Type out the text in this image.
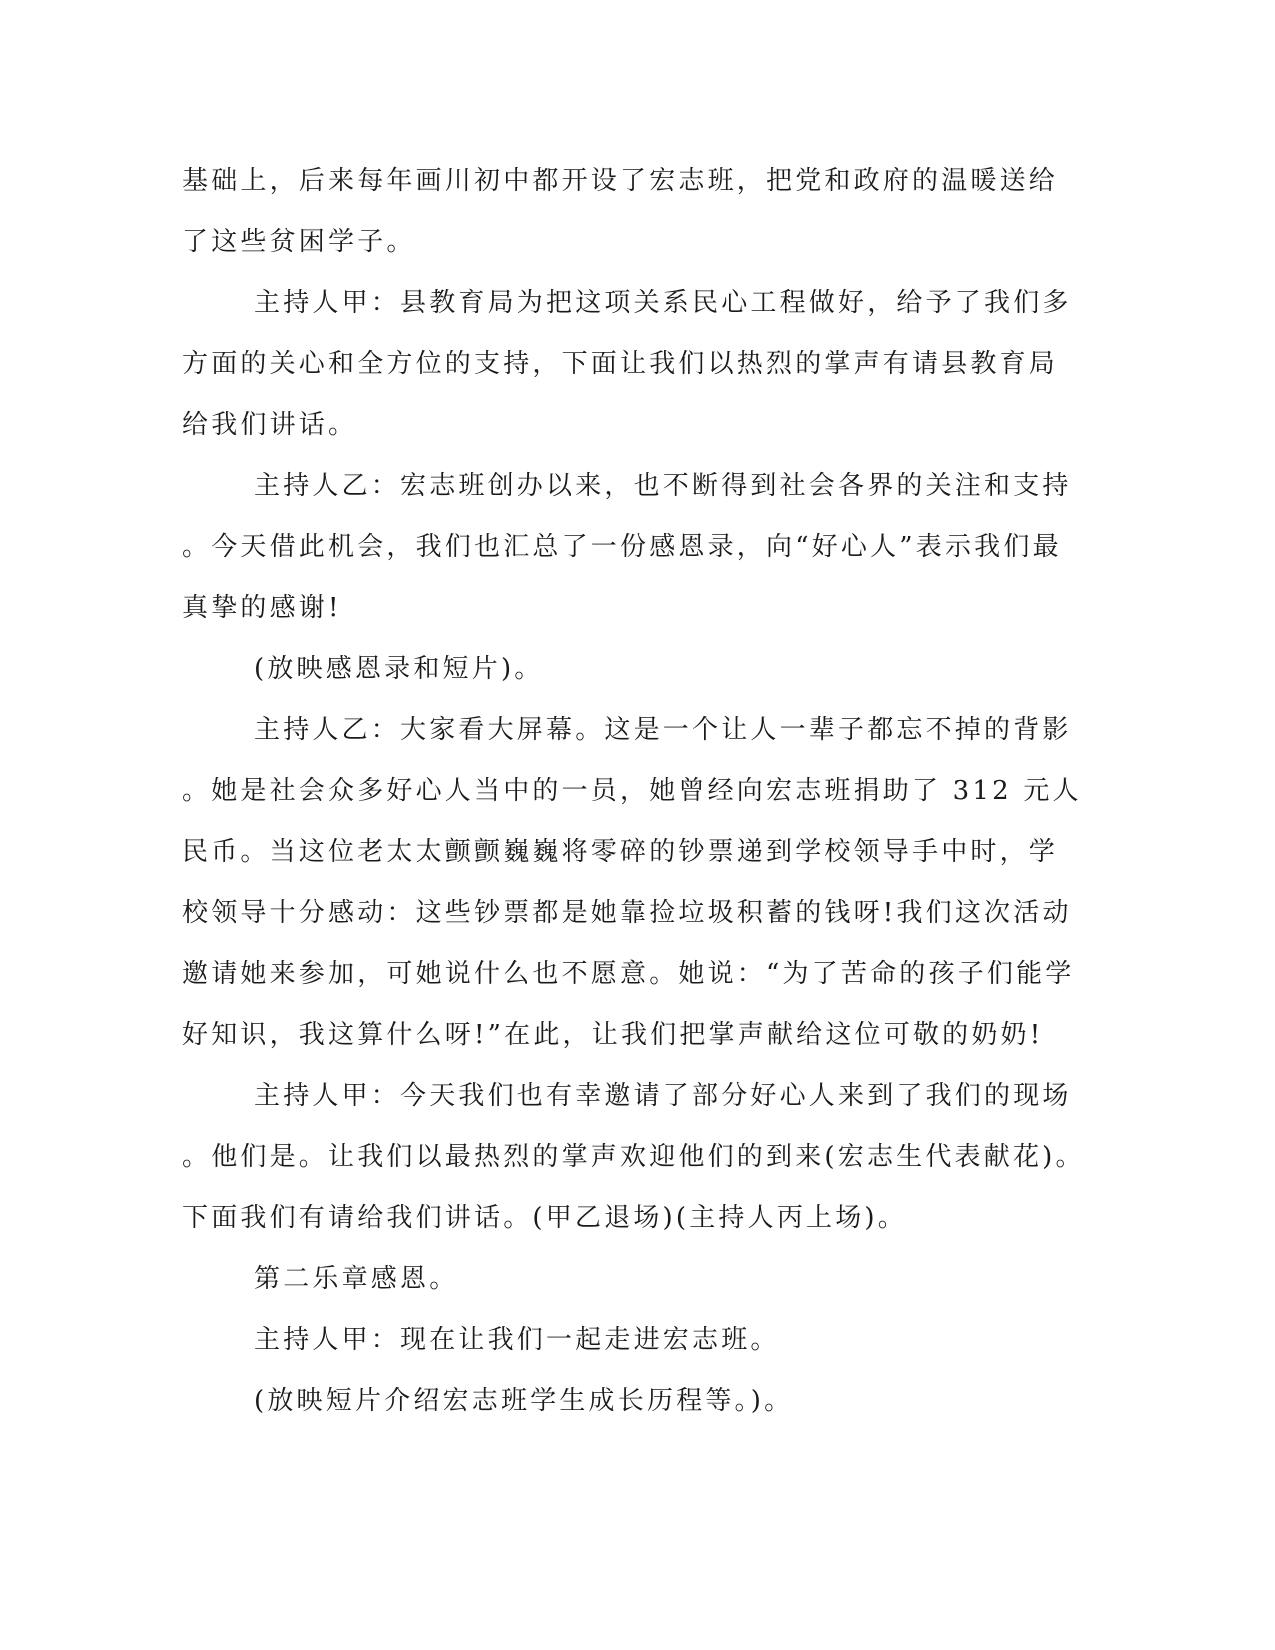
基础上，后来每年画川初中都开设了宏志班，把党和政府的温暖送给
了这些贫困学子。
主持人甲：县教育局为把这项关系民心工程做好，给予了我们多
方面的关心和全方位的支持，下面让我们以热烈的掌声有请县教育局
给我们讲话。
主持人乙：宏志班创办以来，也不断得到社会各界的关注和支持
。今天借此机会，我们也汇总了一份感恩录，向“好心人”表示我们最
真挚的感谢!
(放映感恩录和短片)。
主持人乙：大家看大屏幕。这是一个让人一辈子都忘不掉的背影
。她是社会众多好心人当中的一员，她曾经向宏志班捐助了 312 元人
民币。当这位老太太颤颤巍巍将零碎的钞票递到学校领导手中时，学
校领导十分感动：这些钞票都是她靠捡垃圾积蓄的钱呀!我们这次活动
邀请她来参加，可她说什么也不愿意。她说：“为了苦命的孩子们能学
好知识，我这算什么呀!”在此，让我们把掌声献给这位可敬的奶奶!
主持人甲：今天我们也有幸邀请了部分好心人来到了我们的现场
。他们是。让我们以最热烈的掌声欢迎他们的到来(宏志生代表献花)。
下面我们有请给我们讲话。(甲乙退场)(主持人丙上场)。
第二乐章感恩。
主持人甲：现在让我们一起走进宏志班。
(放映短片介绍宏志班学生成长历程等。)。
